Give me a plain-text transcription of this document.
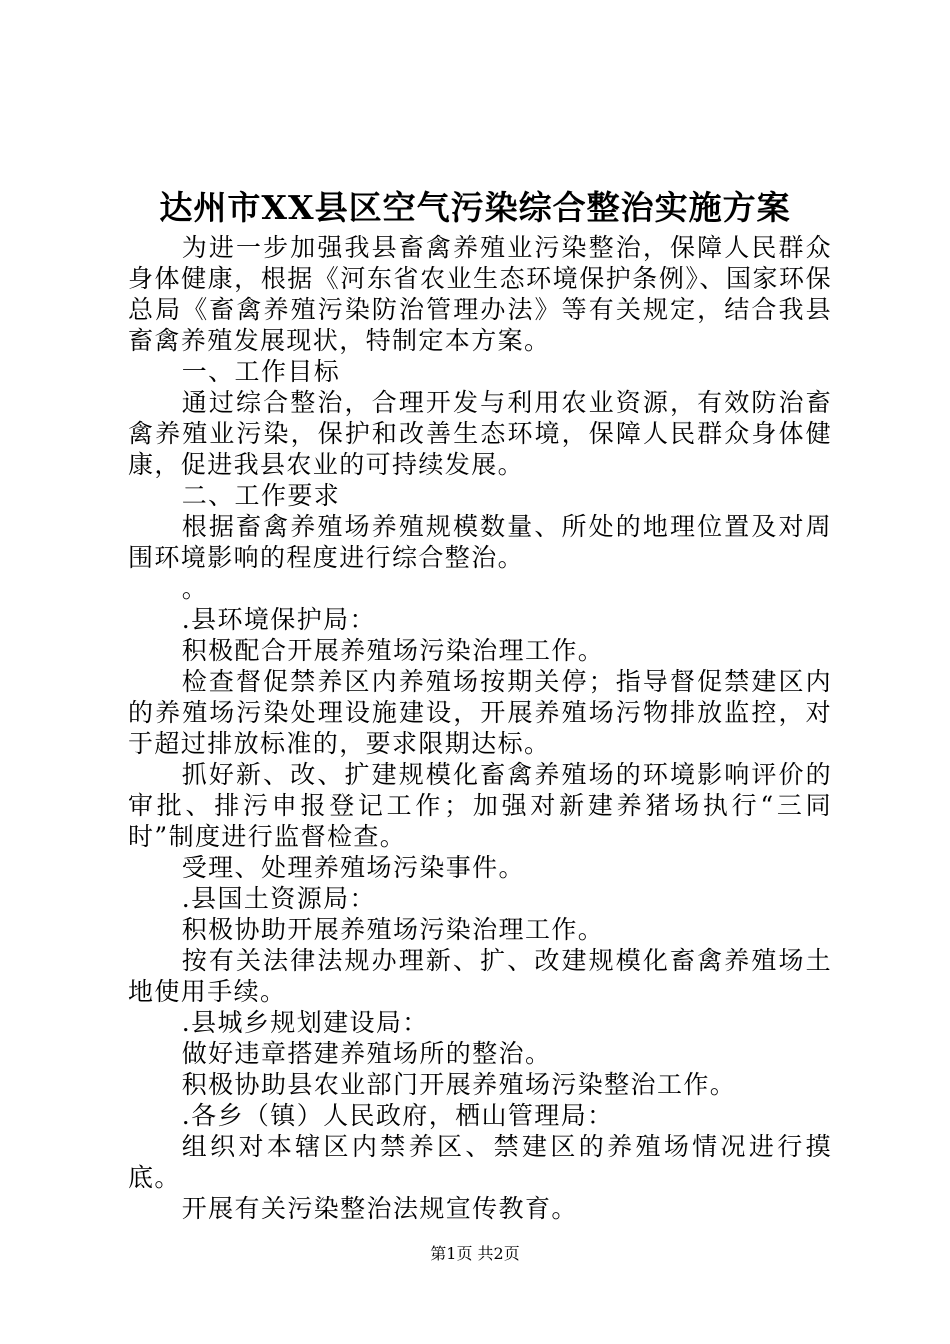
达州市XX县区空气污染综合整治实施方案

为进一步加强我县畜禽养殖业污染整治，保障人民群众身体健康，根据《河东省农业生态环境保护条例》、国家环保总局《畜禽养殖污染防治管理办法》等有关规定，结合我县畜禽养殖发展现状，特制定本方案。

一、工作目标

通过综合整治，合理开发与利用农业资源，有效防治畜禽养殖业污染，保护和改善生态环境，保障人民群众身体健康，促进我县农业的可持续发展。

二、工作要求

根据畜禽养殖场养殖规模数量、所处的地理位置及对周围环境影响的程度进行综合整治。

。

.县环境保护局：

积极配合开展养殖场污染治理工作。

检查督促禁养区内养殖场按期关停；指导督促禁建区内的养殖场污染处理设施建设，开展养殖场污物排放监控，对于超过排放标准的，要求限期达标。

抓好新、改、扩建规模化畜禽养殖场的环境影响评价的审批、排污申报登记工作；加强对新建养猪场执行“三同时”制度进行监督检查。

受理、处理养殖场污染事件。

.县国土资源局：

积极协助开展养殖场污染治理工作。

按有关法律法规办理新、扩、改建规模化畜禽养殖场土地使用手续。

.县城乡规划建设局：

做好违章搭建养殖场所的整治。

积极协助县农业部门开展养殖场污染整治工作。

.各乡（镇）人民政府，栖山管理局：

组织对本辖区内禁养区、禁建区的养殖场情况进行摸底。

开展有关污染整治法规宣传教育。

第1页 共2页
